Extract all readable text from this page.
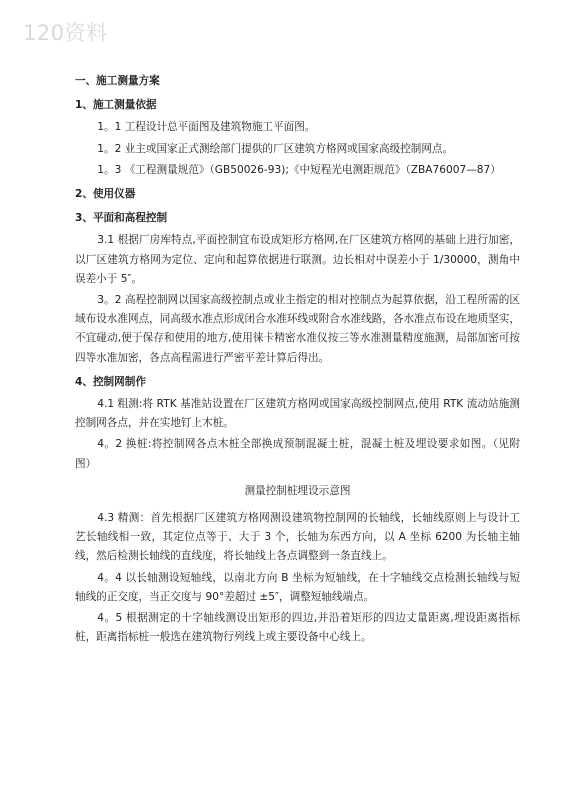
120资料

一、施工测量方案

1、施工测量依据

1。1 工程设计总平面图及建筑物施工平面图。

1。2 业主或国家正式测绘部门提供的厂区建筑方格网或国家高级控制网点。

1。3 《工程测量规范》（GB50026-93);《中短程光电测距规范》（ZBA76007—87）

2、使用仪器

3、平面和高程控制

3.1 根据厂房库特点,平面控制宜布设成矩形方格网,在厂区建筑方格网的基础上进行加密，以厂区建筑方格网为定位、定向和起算依据进行联测。边长相对中误差小于 1/30000，测角中误差小于 5″。

3。2 高程控制网以国家高级控制点或业主指定的相对控制点为起算依据，沿工程所需的区域布设水准网点，同高级水准点形成闭合水准环线或附合水准线路，各水准点布设在地质坚实，不宜碰动,便于保存和使用的地方,使用徕卡精密水准仪按三等水准测量精度施测，局部加密可按四等水准加密，各点高程需进行严密平差计算后得出。

4、控制网制作

4.1 粗测:将 RTK 基准站设置在厂区建筑方格网或国家高级控制网点,使用 RTK 流动站施测控制网各点，并在实地钉上木桩。

4。2 换桩:将控制网各点木桩全部换成预制混凝土桩，混凝土桩及埋设要求如图。（见附图）

测量控制桩埋设示意图

4.3 精测：首先根据厂区建筑方格网测设建筑物控制网的长轴线，长轴线原则上与设计工艺长轴线相一致，其定位点等于、大于 3 个，长轴为东西方向，以 A 坐标 6200 为长轴主轴线，然后检测长轴线的直线度，将长轴线上各点调整到一条直线上。

4。4 以长轴测设短轴线，以南北方向 B 坐标为短轴线，在十字轴线交点检测长轴线与短轴线的正交度，当正交度与 90°差超过 ±5″，调整短轴线端点。

4。5 根据测定的十字轴线测设出矩形的四边,并沿着矩形的四边丈量距离,埋设距离指标桩，距离指标桩一般选在建筑物行列线上或主要设备中心线上。
